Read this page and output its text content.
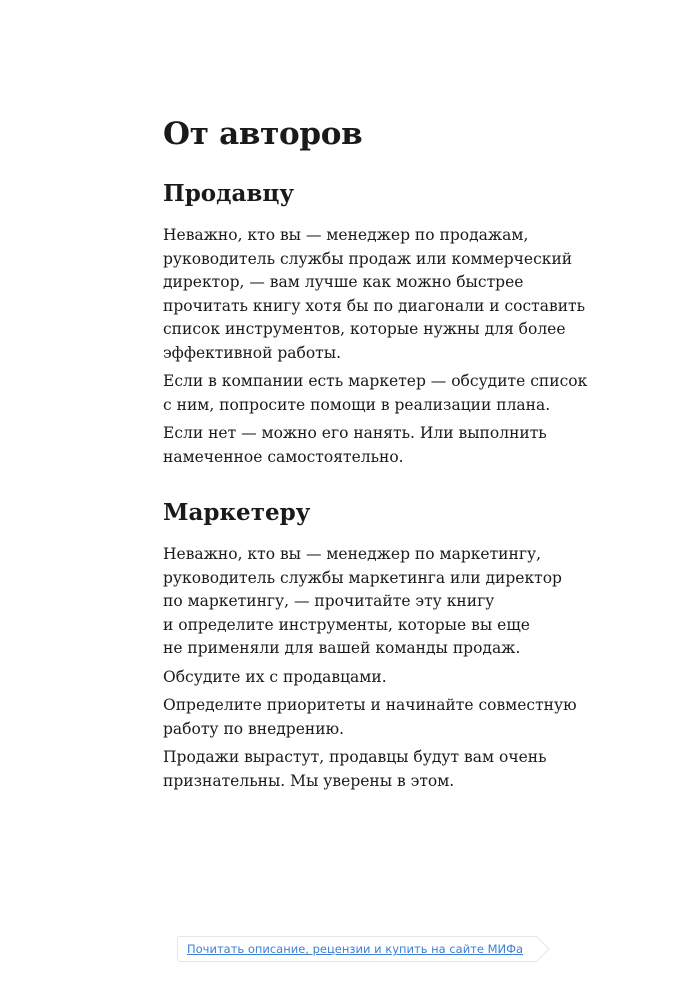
От авторов
Продавцу

Неважно, кто вы — менеджер по продажам,
руководитель службы продаж или коммерческий
директор, — вам лучше как можно быстрее
прочитать книгу хотя бы по диагонали и составить
список инструментов, которые нужны для более
эффективной работы.

Если в компании есть маркетер — обсудите список
с ним, попросите помощи в реализации плана.

Если нет — можно его нанять. Или выполнить
намеченное самостоятельно.

Маркетеру

Неважно, кто вы — менеджер по маркетингу,
руководитель службы маркетинга или директор
по маркетингу, — прочитайте эту книгу
и определите инструменты, которые вы еще
не применяли для вашей команды продаж.

Обсудите их с продавцами.

Определите приоритеты и начинайте совместную
работу по внедрению.

Продажи вырастут, продавцы будут вам очень
признательны. Мы уверены в этом.

Почитать описание, рецензии и купить на сайте МИФа
